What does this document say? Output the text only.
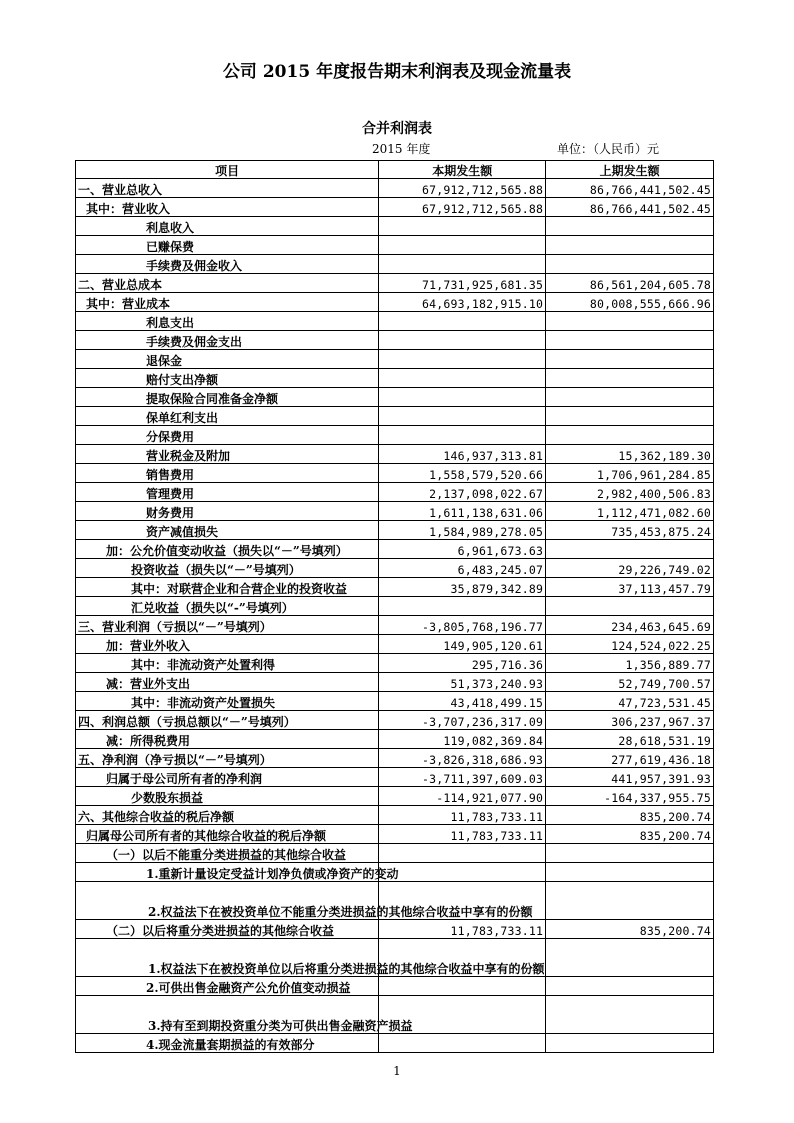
公司 2015 年度报告期末利润表及现金流量表
合并利润表
2015 年度	单位：（人民币）元
项目	本期发生额	上期发生额
一、营业总收入	67,912,712,565.88	86,766,441,502.45
其中：营业收入	67,912,712,565.88	86,766,441,502.45
利息收入		
已赚保费		
手续费及佣金收入		
二、营业总成本	71,731,925,681.35	86,561,204,605.78
其中：营业成本	64,693,182,915.10	80,008,555,666.96
利息支出		
手续费及佣金支出		
退保金		
赔付支出净额		
提取保险合同准备金净额		
保单红利支出		
分保费用		
营业税金及附加	146,937,313.81	15,362,189.30
销售费用	1,558,579,520.66	1,706,961,284.85
管理费用	2,137,098,022.67	2,982,400,506.83
财务费用	1,611,138,631.06	1,112,471,082.60
资产减值损失	1,584,989,278.05	735,453,875.24
加：公允价值变动收益（损失以“－”号填列）	6,961,673.63	
投资收益（损失以“－”号填列）	6,483,245.07	29,226,749.02
其中：对联营企业和合营企业的投资收益	35,879,342.89	37,113,457.79
汇兑收益（损失以“-”号填列）		
三、营业利润（亏损以“－”号填列）	-3,805,768,196.77	234,463,645.69
加：营业外收入	149,905,120.61	124,524,022.25
其中：非流动资产处置利得	295,716.36	1,356,889.77
减：营业外支出	51,373,240.93	52,749,700.57
其中：非流动资产处置损失	43,418,499.15	47,723,531.45
四、利润总额（亏损总额以“－”号填列）	-3,707,236,317.09	306,237,967.37
减：所得税费用	119,082,369.84	28,618,531.19
五、净利润（净亏损以“－”号填列）	-3,826,318,686.93	277,619,436.18
归属于母公司所有者的净利润	-3,711,397,609.03	441,957,391.93
少数股东损益	-114,921,077.90	-164,337,955.75
六、其他综合收益的税后净额	11,783,733.11	835,200.74
归属母公司所有者的其他综合收益的税后净额	11,783,733.11	835,200.74
（一）以后不能重分类进损益的其他综合收益		
1.重新计量设定受益计划净负债或净资产的变动		
2.权益法下在被投资单位不能重分类进损益的其他综合收益中享有的份额		
（二）以后将重分类进损益的其他综合收益	11,783,733.11	835,200.74
1.权益法下在被投资单位以后将重分类进损益的其他综合收益中享有的份额		
2.可供出售金融资产公允价值变动损益		
3.持有至到期投资重分类为可供出售金融资产损益		
4.现金流量套期损益的有效部分		
1
